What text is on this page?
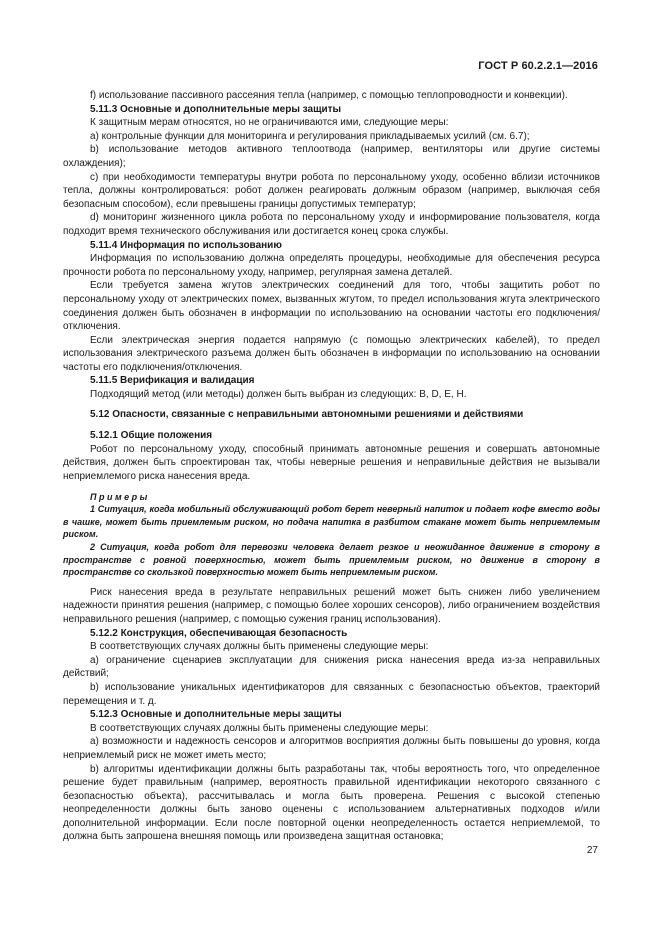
ГОСТ Р 60.2.2.1—2016

f) использование пассивного рассеяния тепла (например, с помощью теплопроводности и конвекции).

5.11.3 Основные и дополнительные меры защиты

К защитным мерам относятся, но не ограничиваются ими, следующие меры:

a) контрольные функции для мониторинга и регулирования прикладываемых усилий (см. 6.7);

b) использование методов активного теплоотвода (например, вентиляторы или другие системы охлаждения);

c) при необходимости температуры внутри робота по персональному уходу, особенно вблизи источников тепла, должны контролироваться: робот должен реагировать должным образом (например, выключая себя безопасным способом), если превышены границы допустимых температур;

d) мониторинг жизненного цикла робота по персональному уходу и информирование пользователя, когда подходит время технического обслуживания или достигается конец срока службы.

5.11.4 Информация по использованию

Информация по использованию должна определять процедуры, необходимые для обеспечения ресурса прочности робота по персональному уходу, например, регулярная замена деталей.

Если требуется замена жгутов электрических соединений для того, чтобы защитить робот по персональному уходу от электрических помех, вызванных жгутом, то предел использования жгута электрического соединения должен быть обозначен в информации по использованию на основании частоты его подключения/отключения.

Если электрическая энергия подается напрямую (с помощью электрических кабелей), то предел использования электрического разъема должен быть обозначен в информации по использованию на основании частоты его подключения/отключения.

5.11.5 Верификация и валидация

Подходящий метод (или методы) должен быть выбран из следующих: B, D, E, H.

5.12 Опасности, связанные с неправильными автономными решениями и действиями

5.12.1 Общие положения

Робот по персональному уходу, способный принимать автономные решения и совершать автономные действия, должен быть спроектирован так, чтобы неверные решения и неправильные действия не вызывали неприемлемого риска нанесения вреда.

Примеры

1 Ситуация, когда мобильный обслуживающий робот берет неверный напиток и подает кофе вместо воды в чашке, может быть приемлемым риском, но подача напитка в разбитом стакане может быть неприемлемым риском.

2 Ситуация, когда робот для перевозки человека делает резкое и неожиданное движение в сторону в пространстве с ровной поверхностью, может быть приемлемым риском, но движение в сторону в пространстве со скользкой поверхностью может быть неприемлемым риском.

Риск нанесения вреда в результате неправильных решений может быть снижен либо увеличением надежности принятия решения (например, с помощью более хороших сенсоров), либо ограничением воздействия неправильного решения (например, с помощью сужения границ использования).

5.12.2 Конструкция, обеспечивающая безопасность

В соответствующих случаях должны быть применены следующие меры:

a) ограничение сценариев эксплуатации для снижения риска нанесения вреда из-за неправильных действий;

b) использование уникальных идентификаторов для связанных с безопасностью объектов, траекторий перемещения и т. д.

5.12.3 Основные и дополнительные меры защиты

В соответствующих случаях должны быть применены следующие меры:

a) возможности и надежность сенсоров и алгоритмов восприятия должны быть повышены до уровня, когда неприемлемый риск не может иметь место;

b) алгоритмы идентификации должны быть разработаны так, чтобы вероятность того, что определенное решение будет правильным (например, вероятность правильной идентификации некоторого связанного с безопасностью объекта), рассчитывалась и могла быть проверена. Решения с высокой степенью неопределенности должны быть заново оценены с использованием альтернативных подходов и/или дополнительной информации. Если после повторной оценки неопределенность остается неприемлемой, то должна быть запрошена внешняя помощь или произведена защитная остановка;

27
